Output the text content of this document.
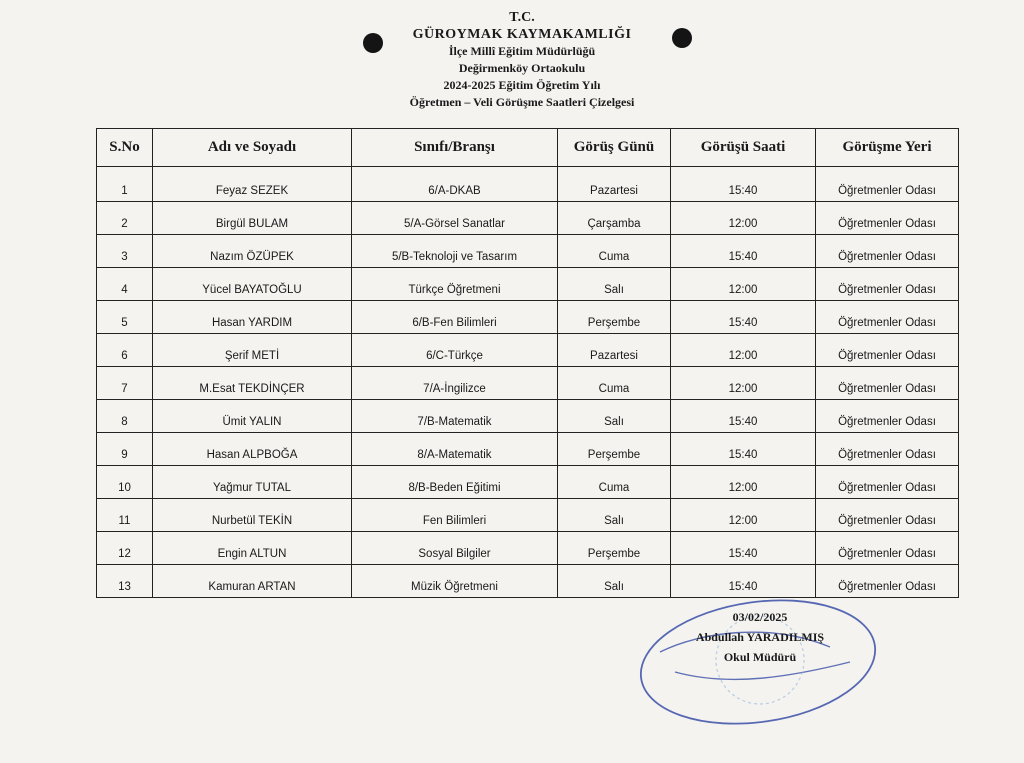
T.C.
GÜROYMAK KAYMAKAMLIĞI
İlçe Millî Eğitim Müdürlüğü
Değirmenköy Ortaokulu
2024-2025 Eğitim Öğretim Yılı
Öğretmen – Veli Görüşme Saatleri Çizelgesi
S.No	Adı ve Soyadı	Sınıfı/Branşı	Görüş Günü	Görüşü Saati	Görüşme Yeri
1	Feyaz SEZEK	6/A-DKAB	Pazartesi	15:40	Öğretmenler Odası
2	Birgül BULAM	5/A-Görsel Sanatlar	Çarşamba	12:00	Öğretmenler Odası
3	Nazım ÖZÜPEK	5/B-Teknoloji ve Tasarım	Cuma	15:40	Öğretmenler Odası
4	Yücel BAYATOĞLU	Türkçe Öğretmeni	Salı	12:00	Öğretmenler Odası
5	Hasan YARDIM	6/B-Fen Bilimleri	Perşembe	15:40	Öğretmenler Odası
6	Şerif METİ	6/C-Türkçe	Pazartesi	12:00	Öğretmenler Odası
7	M.Esat TEKDİNÇER	7/A-İngilizce	Cuma	12:00	Öğretmenler Odası
8	Ümit YALIN	7/B-Matematik	Salı	15:40	Öğretmenler Odası
9	Hasan ALPBOĞA	8/A-Matematik	Perşembe	15:40	Öğretmenler Odası
10	Yağmur TUTAL	8/B-Beden Eğitimi	Cuma	12:00	Öğretmenler Odası
11	Nurbetül TEKİN	Fen Bilimleri	Salı	12:00	Öğretmenler Odası
12	Engin ALTUN	Sosyal Bilgiler	Perşembe	15:40	Öğretmenler Odası
13	Kamuran ARTAN	Müzik Öğretmeni	Salı	15:40	Öğretmenler Odası
03/02/2025
Abdullah YARADILMIŞ
Okul Müdürü
